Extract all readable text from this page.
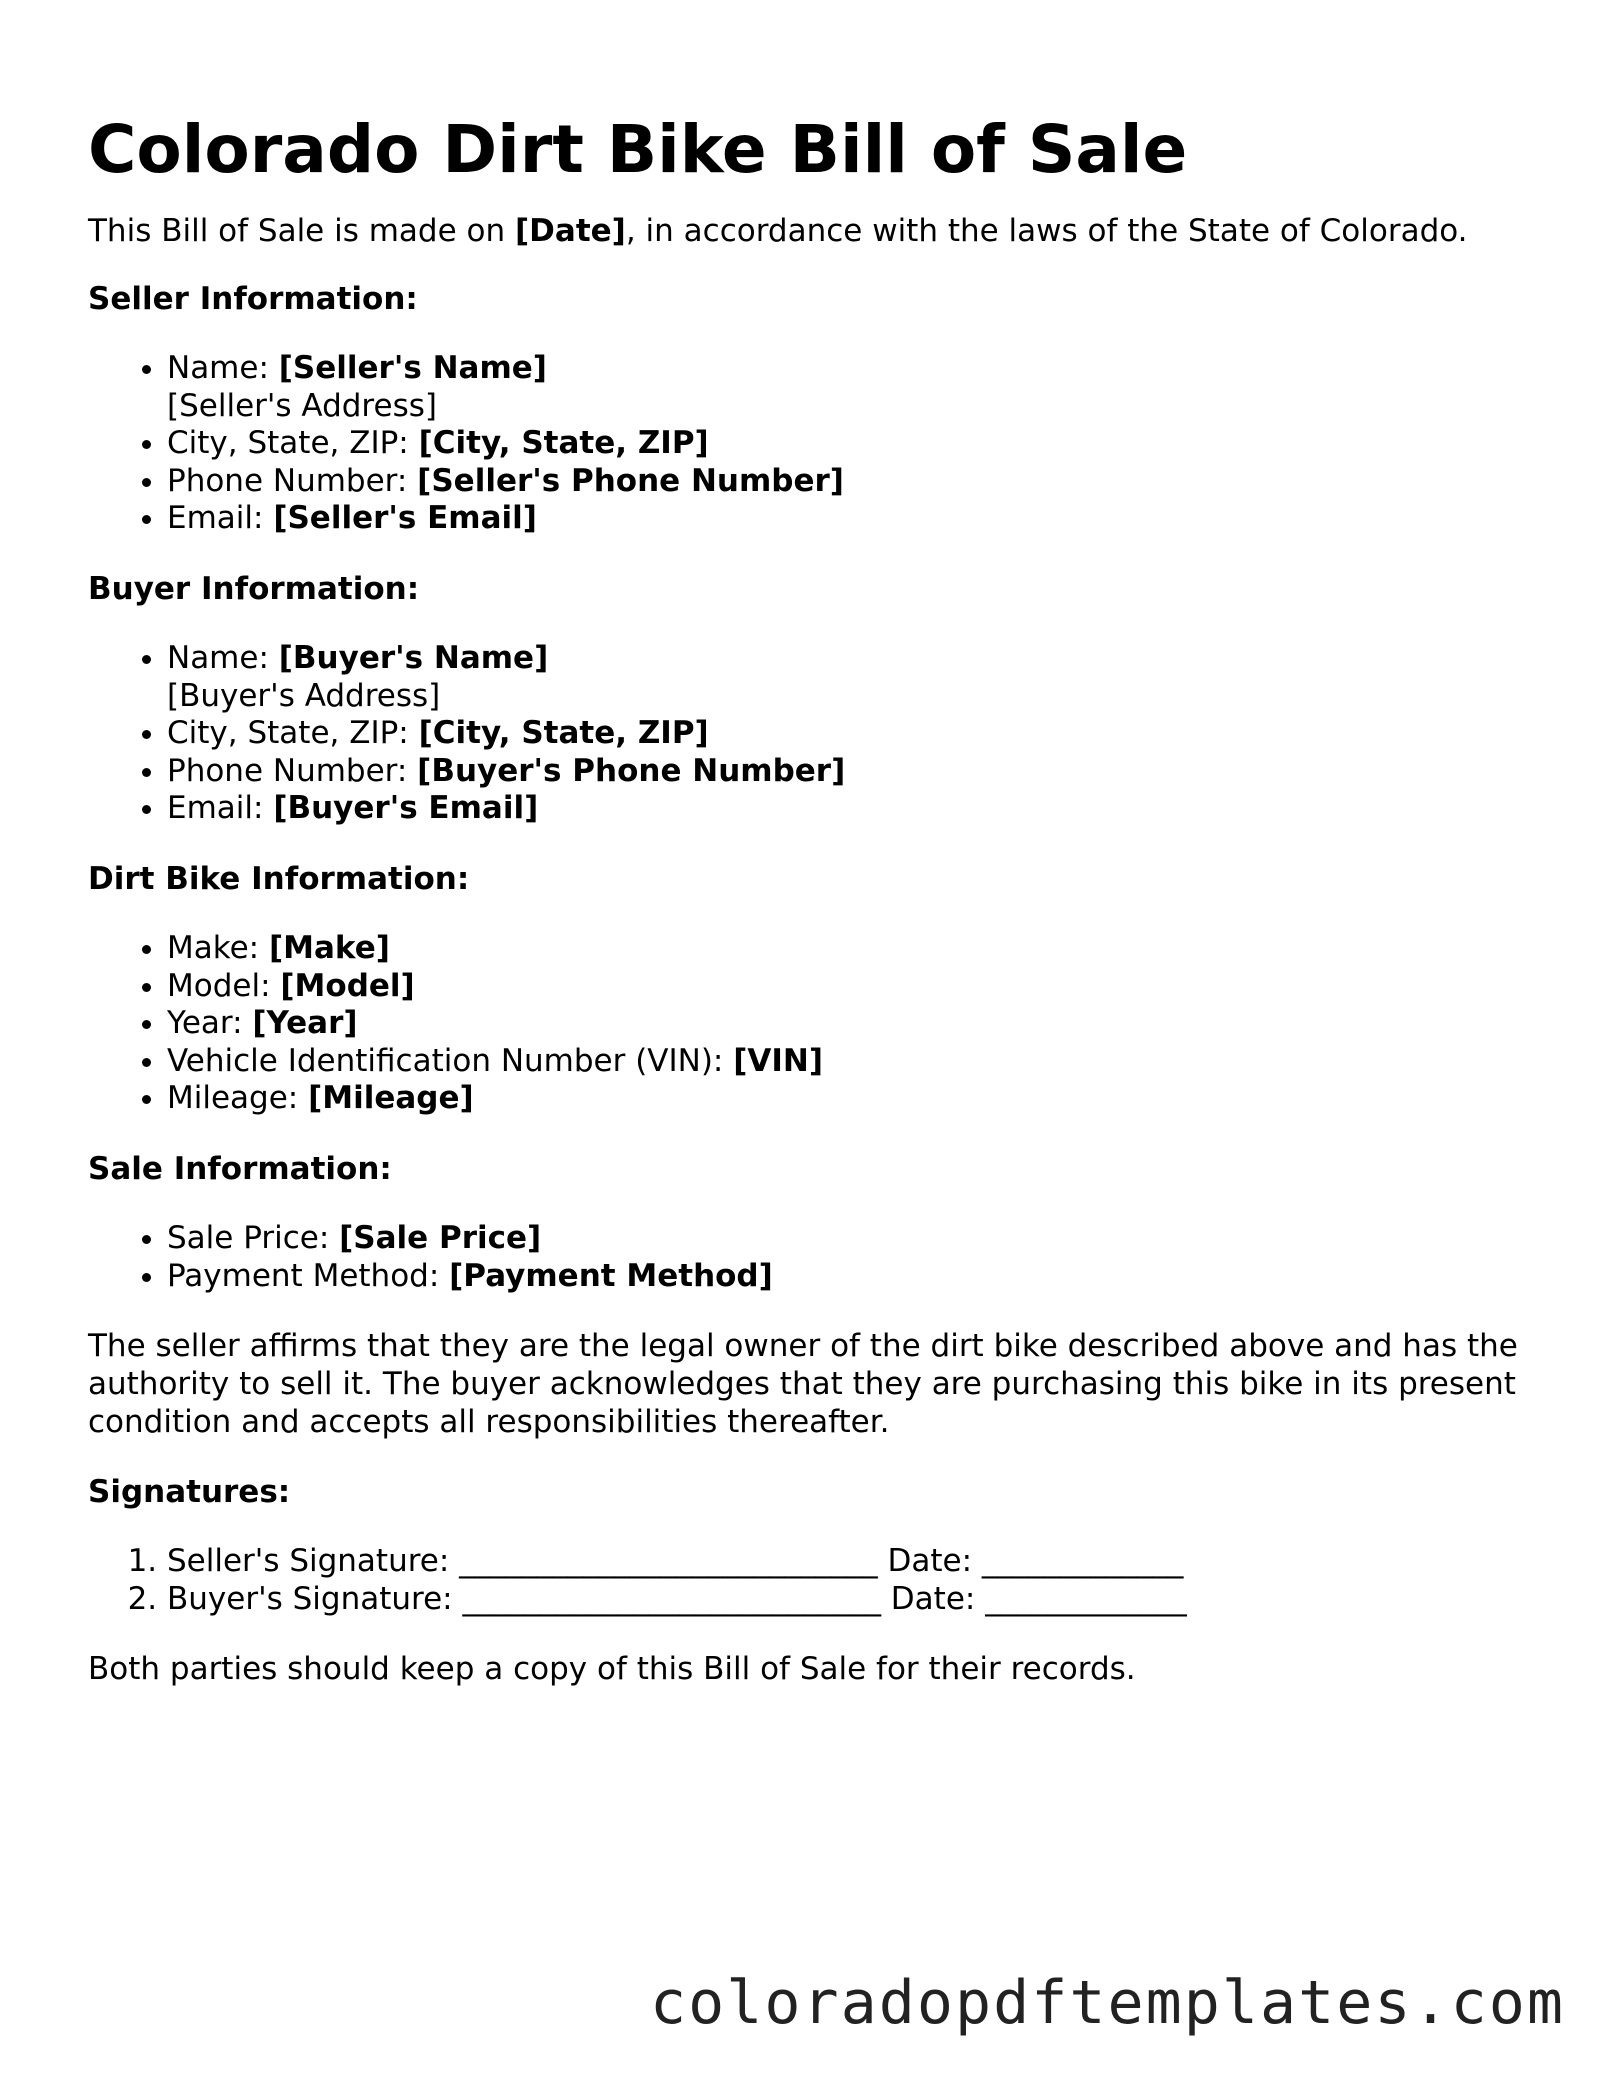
Colorado Dirt Bike Bill of Sale

This Bill of Sale is made on [Date], in accordance with the laws of the State of Colorado.

Seller Information:
• Name: [Seller's Name]
[Seller's Address]
• City, State, ZIP: [City, State, ZIP]
• Phone Number: [Seller's Phone Number]
• Email: [Seller's Email]
Buyer Information:
• Name: [Buyer's Name]
[Buyer's Address]
• City, State, ZIP: [City, State, ZIP]
• Phone Number: [Buyer's Phone Number]
• Email: [Buyer's Email]
Dirt Bike Information:
• Make: [Make]
• Model: [Model]
• Year: [Year]
• Vehicle Identification Number (VIN): [VIN]
• Mileage: [Mileage]
Sale Information:
• Sale Price: [Sale Price]
• Payment Method: [Payment Method]

The seller affirms that they are the legal owner of the dirt bike described above and has the authority to sell it. The buyer acknowledges that they are purchasing this bike in its present condition and accepts all responsibilities thereafter.

Signatures:
1. Seller's Signature: ___________________________ Date: _____________
2. Buyer's Signature: ___________________________ Date: _____________

Both parties should keep a copy of this Bill of Sale for their records.

coloradopdftemplates.com
